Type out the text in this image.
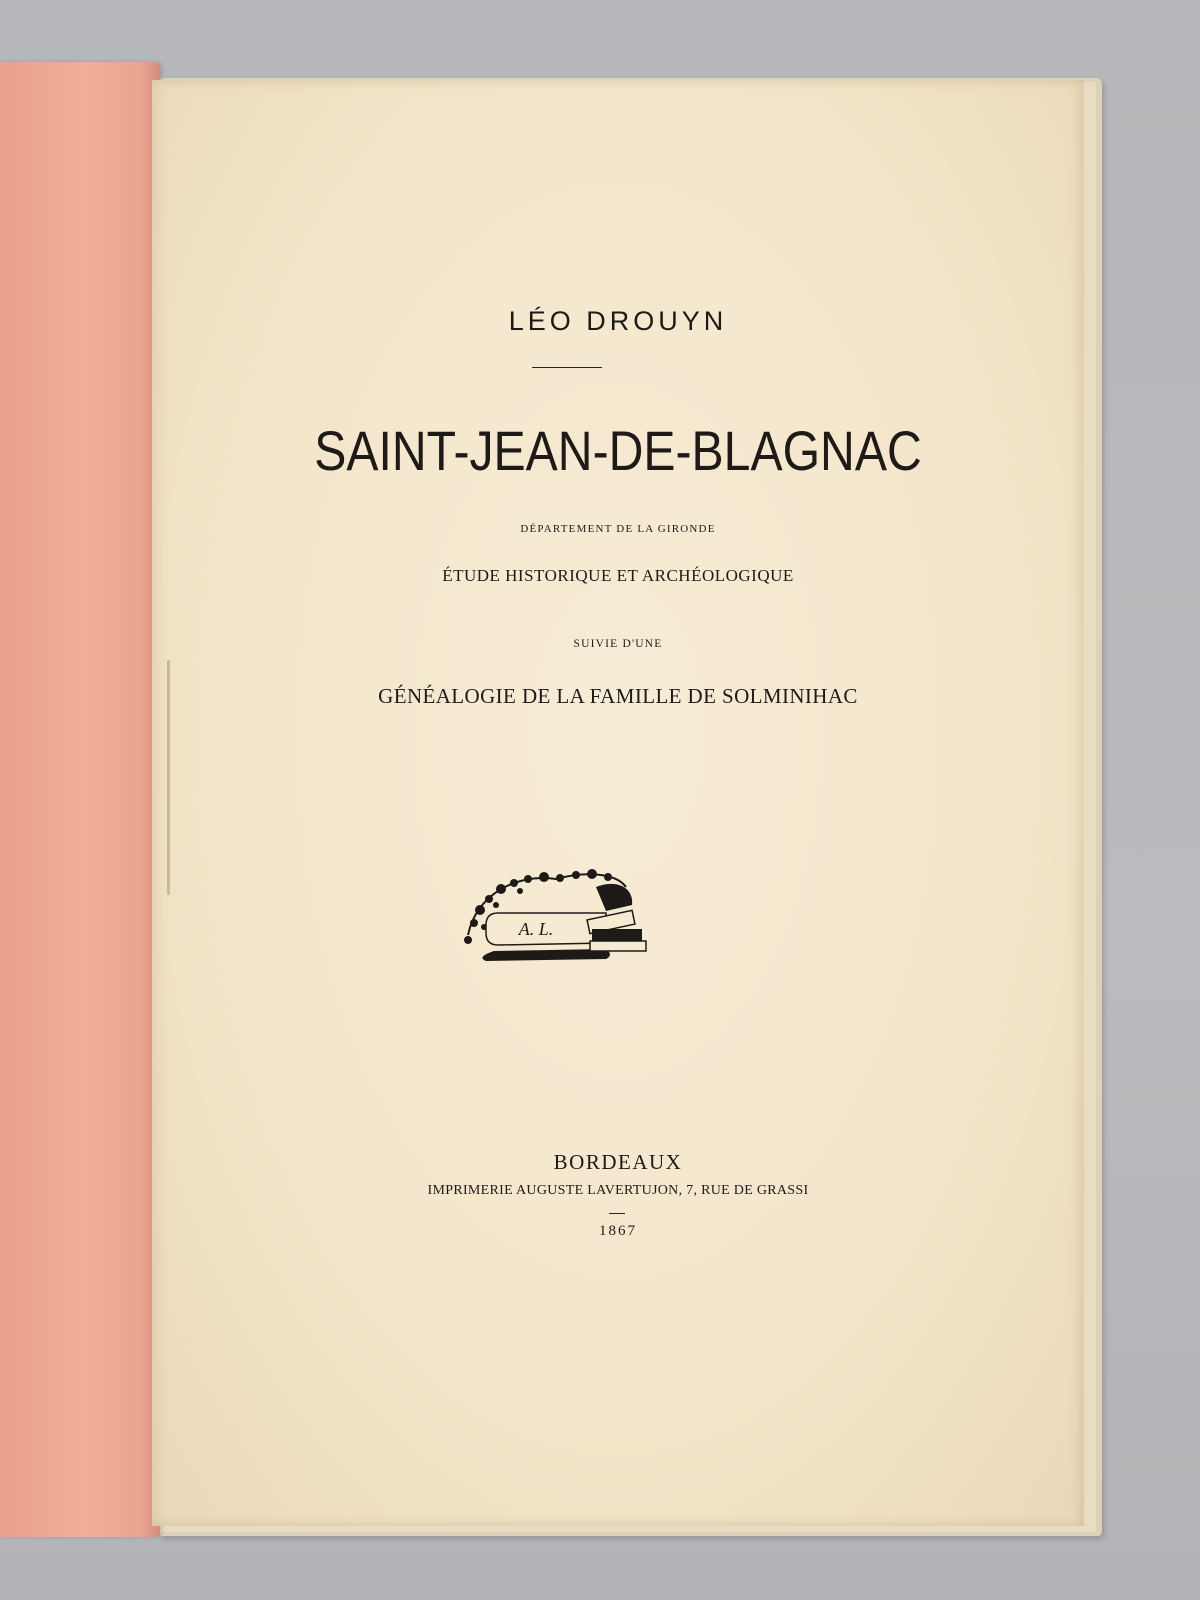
LÉO DROUYN
SAINT-JEAN-DE-BLAGNAC
DÉPARTEMENT DE LA GIRONDE
ÉTUDE HISTORIQUE ET ARCHÉOLOGIQUE
SUIVIE D'UNE
GÉNÉALOGIE DE LA FAMILLE DE SOLMINIHAC
A. L.
BORDEAUX
IMPRIMERIE AUGUSTE LAVERTUJON, 7, RUE DE GRASSI
1867
